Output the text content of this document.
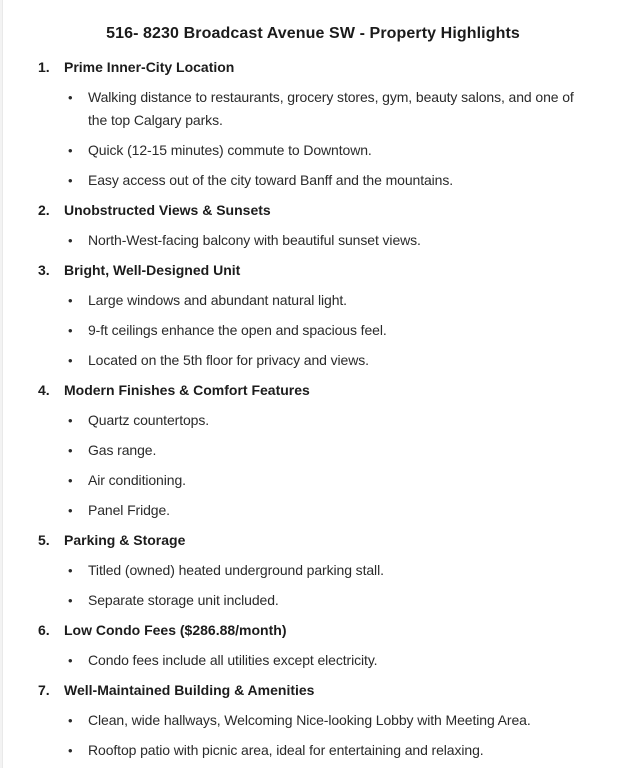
516- 8230 Broadcast Avenue SW - Property Highlights
1.	Prime Inner-City Location
•	Walking distance to restaurants, grocery stores, gym, beauty salons, and one of the top Calgary parks.
•	Quick (12-15 minutes) commute to Downtown.
•	Easy access out of the city toward Banff and the mountains.
2.	Unobstructed Views & Sunsets
•	North-West-facing balcony with beautiful sunset views.
3.	Bright, Well-Designed Unit
•	Large windows and abundant natural light.
•	9-ft ceilings enhance the open and spacious feel.
•	Located on the 5th floor for privacy and views.
4.	Modern Finishes & Comfort Features
•	Quartz countertops.
•	Gas range.
•	Air conditioning.
•	Panel Fridge.
5.	Parking & Storage
•	Titled (owned) heated underground parking stall.
•	Separate storage unit included.
6.	Low Condo Fees ($286.88/month)
•	Condo fees include all utilities except electricity.
7.	Well-Maintained Building & Amenities
•	Clean, wide hallways, Welcoming Nice-looking Lobby with Meeting Area.
•	Rooftop patio with picnic area, ideal for entertaining and relaxing.
